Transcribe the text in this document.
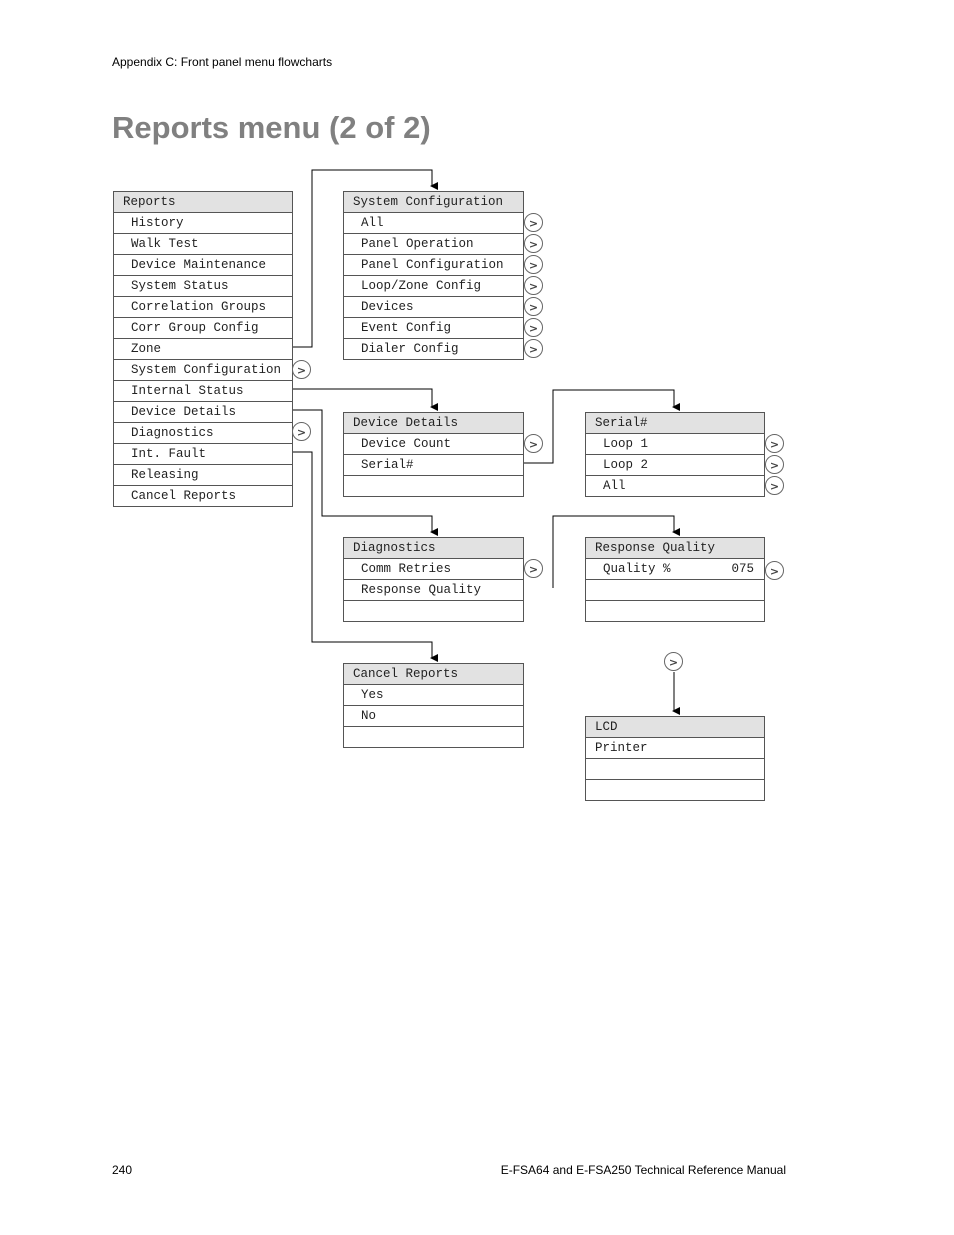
Appendix C: Front panel menu flowcharts
Reports menu (2 of 2)
Reports
History
Walk Test
Device Maintenance
System Status
Correlation Groups
Corr Group Config
Zone
System Configuration
Internal Status
Device Details
Diagnostics
Int. Fault
Releasing
Cancel Reports
>
>
System Configuration
All
Panel Operation
Panel Configuration
Loop/Zone Config
Devices
Event Config
Dialer Config
>
>
>
>
>
>
>
Device Details
Device Count
Serial#
>
Serial#
Loop 1
Loop 2
All
>
>
>
Diagnostics
Comm Retries
Response Quality
>
Response Quality
Quality %	075	>
Cancel Reports
Yes
No
>
LCD
Printer
240	E-FSA64 and E-FSA250 Technical Reference Manual
